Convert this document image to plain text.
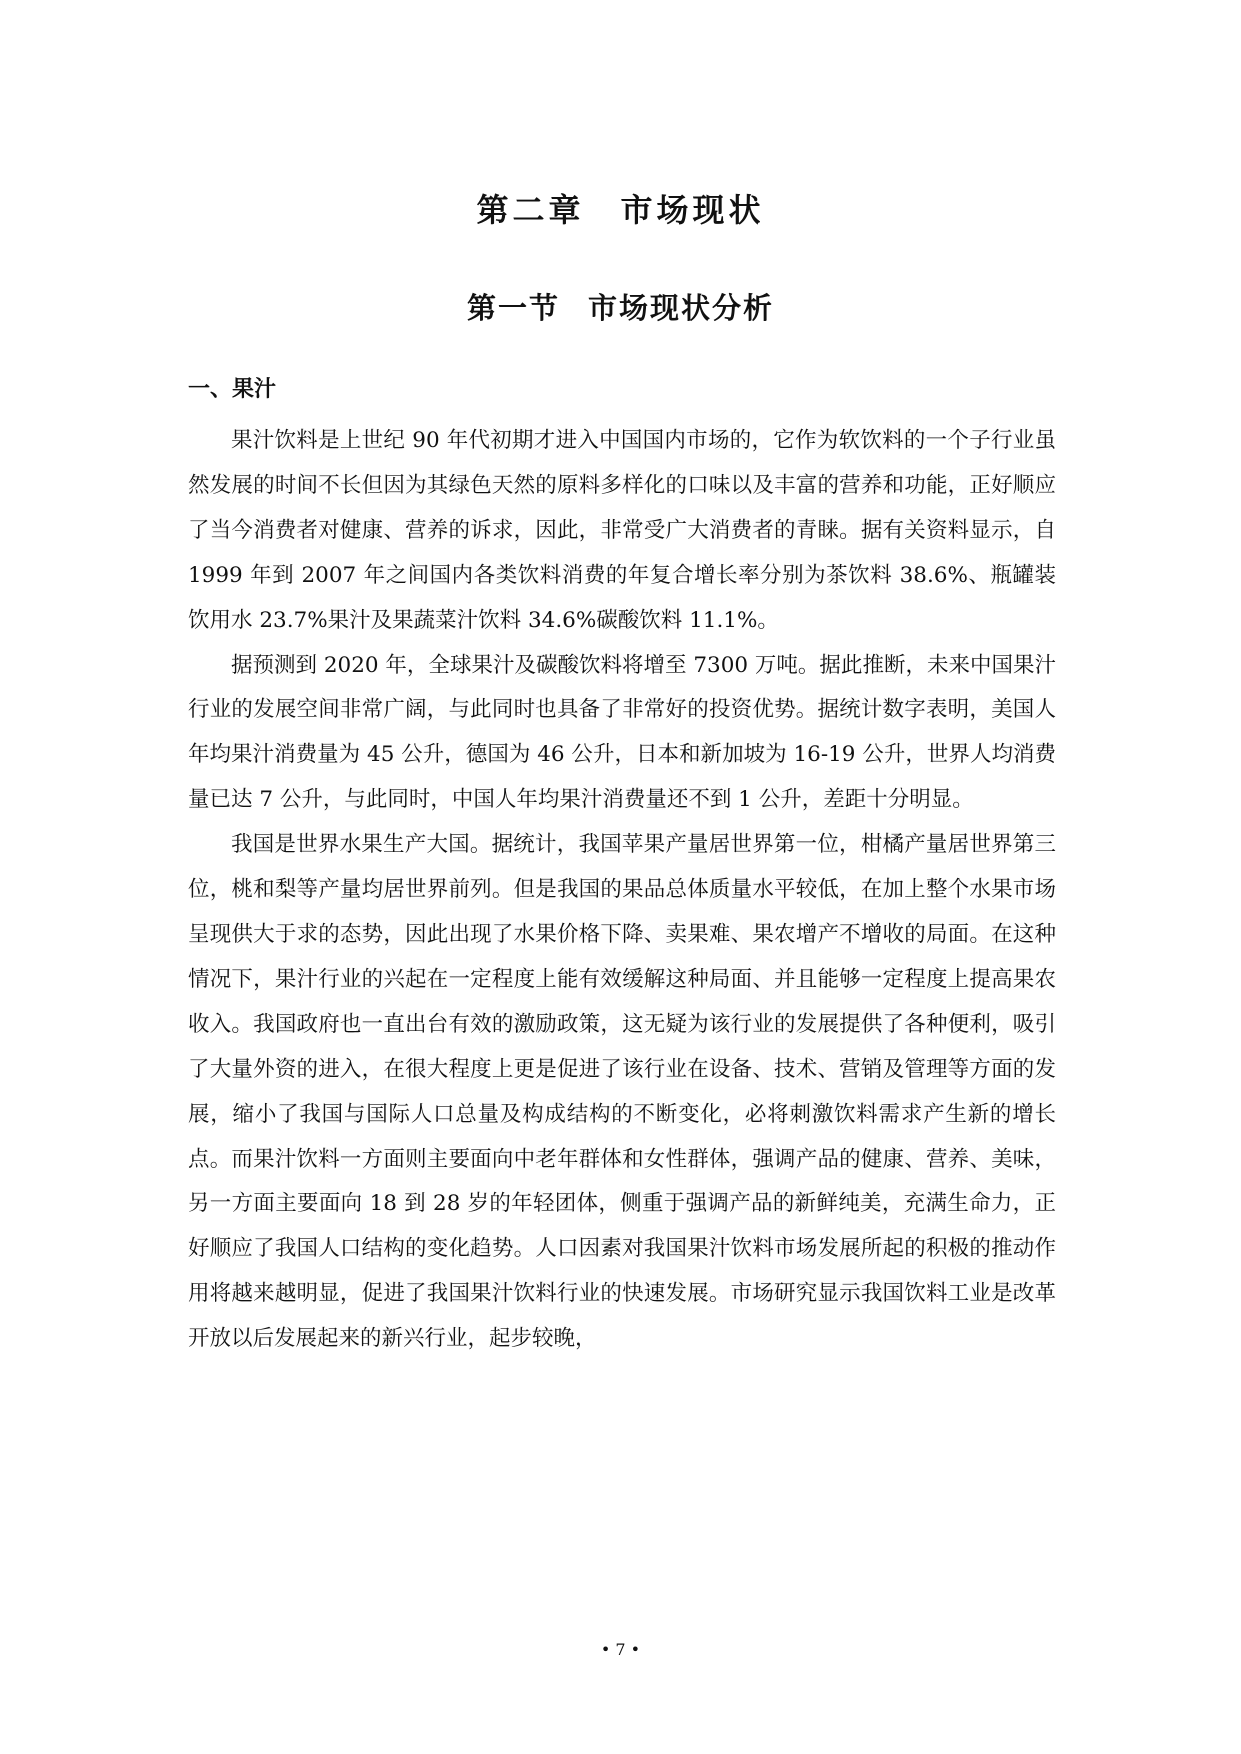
第二章 市场现状
第一节 市场现状分析
一、果汁

果汁饮料是上世纪 90 年代初期才进入中国国内市场的，它作为软饮料的一个子行业虽然发展的时间不长但因为其绿色天然的原料多样化的口味以及丰富的营养和功能，正好顺应了当今消费者对健康、营养的诉求，因此，非常受广大消费者的青睐。据有关资料显示，自 1999 年到 2007 年之间国内各类饮料消费的年复合增长率分别为茶饮料 38.6%、瓶罐装饮用水 23.7%果汁及果蔬菜汁饮料 34.6%碳酸饮料 11.1%。

据预测到 2020 年，全球果汁及碳酸饮料将增至 7300 万吨。据此推断，未来中国果汁行业的发展空间非常广阔，与此同时也具备了非常好的投资优势。据统计数字表明，美国人年均果汁消费量为 45 公升，德国为 46 公升，日本和新加坡为 16-19 公升，世界人均消费量已达 7 公升，与此同时，中国人年均果汁消费量还不到 1 公升，差距十分明显。

我国是世界水果生产大国。据统计，我国苹果产量居世界第一位，柑橘产量居世界第三位，桃和梨等产量均居世界前列。但是我国的果品总体质量水平较低，在加上整个水果市场呈现供大于求的态势，因此出现了水果价格下降、卖果难、果农增产不增收的局面。在这种情况下，果汁行业的兴起在一定程度上能有效缓解这种局面、并且能够一定程度上提高果农收入。我国政府也一直出台有效的激励政策，这无疑为该行业的发展提供了各种便利，吸引了大量外资的进入，在很大程度上更是促进了该行业在设备、技术、营销及管理等方面的发展，缩小了我国与国际人口总量及构成结构的不断变化，必将刺激饮料需求产生新的增长点。而果汁饮料一方面则主要面向中老年群体和女性群体，强调产品的健康、营养、美味，另一方面主要面向 18 到 28 岁的年轻团体，侧重于强调产品的新鲜纯美，充满生命力，正好顺应了我国人口结构的变化趋势。人口因素对我国果汁饮料市场发展所起的积极的推动作用将越来越明显，促进了我国果汁饮料行业的快速发展。市场研究显示我国饮料工业是改革开放以后发展起来的新兴行业，起步较晚，

• 7 •
